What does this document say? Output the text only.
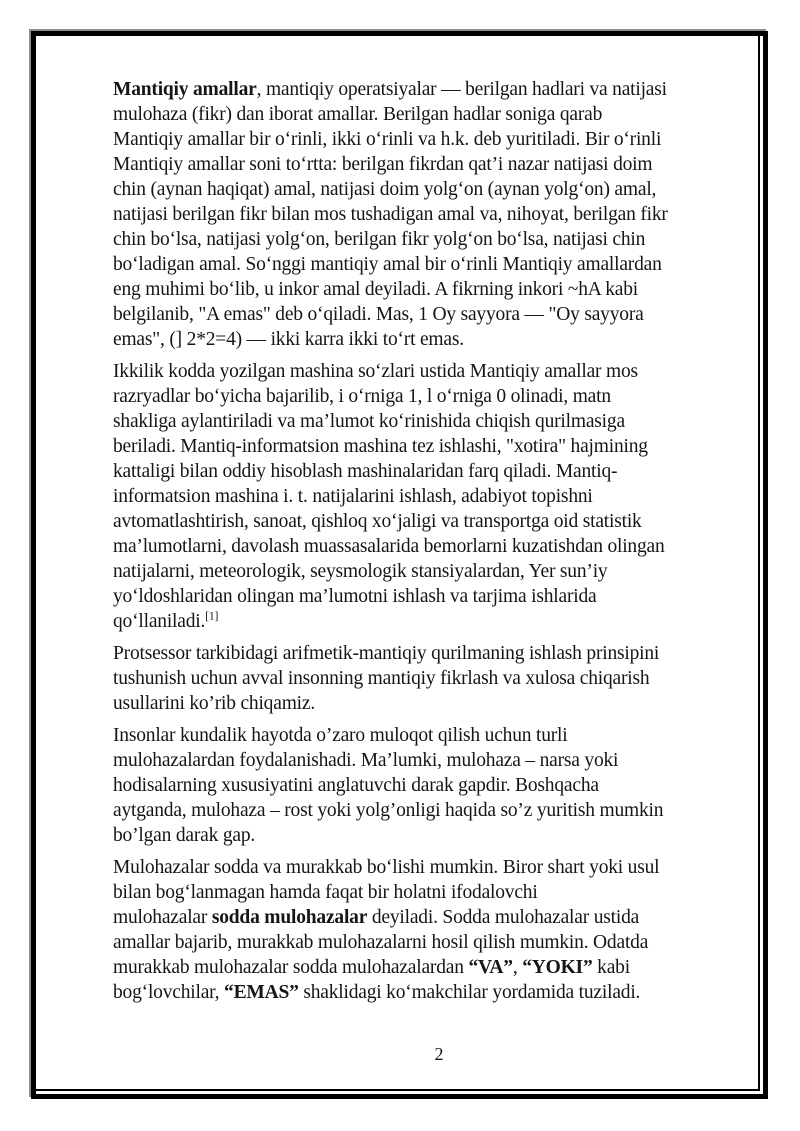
Mantiqiy amallar, mantiqiy operatsiyalar — berilgan hadlari va natijasi
mulohaza (fikr) dan iborat amallar. Berilgan hadlar soniga qarab
Mantiqiy amallar bir o‘rinli, ikki o‘rinli va h.k. deb yuritiladi. Bir o‘rinli
Mantiqiy amallar soni to‘rtta: berilgan fikrdan qat’i nazar natijasi doim
chin (aynan haqiqat) amal, natijasi doim yolg‘on (aynan yolg‘on) amal,
natijasi berilgan fikr bilan mos tushadigan amal va, nihoyat, berilgan fikr
chin bo‘lsa, natijasi yolg‘on, berilgan fikr yolg‘on bo‘lsa, natijasi chin
bo‘ladigan amal. So‘nggi mantiqiy amal bir o‘rinli Mantiqiy amallardan
eng muhimi bo‘lib, u inkor amal deyiladi. A fikrning inkori ~hA kabi
belgilanib, "A emas" deb o‘qiladi. Mas, 1 Oy sayyora — "Oy sayyora
emas", (] 2*2=4) — ikki karra ikki to‘rt emas.

Ikkilik kodda yozilgan mashina so‘zlari ustida Mantiqiy amallar mos
razryadlar bo‘yicha bajarilib, i o‘rniga 1, l o‘rniga 0 olinadi, matn
shakliga aylantiriladi va ma’lumot ko‘rinishida chiqish qurilmasiga
beriladi. Mantiq-informatsion mashina tez ishlashi, "xotira" hajmining
kattaligi bilan oddiy hisoblash mashinalaridan farq qiladi. Mantiq-
informatsion mashina i. t. natijalarini ishlash, adabiyot topishni
avtomatlashtirish, sanoat, qishloq xo‘jaligi va transportga oid statistik
ma’lumotlarni, davolash muassasalarida bemorlarni kuzatishdan olingan
natijalarni, meteorologik, seysmologik stansiyalardan, Yer sun’iy
yo‘ldoshlaridan olingan ma’lumotni ishlash va tarjima ishlarida
qo‘llaniladi.[1]

Protsessor tarkibidagi arifmetik-mantiqiy qurilmaning ishlash prinsipini
tushunish uchun avval insonning mantiqiy fikrlash va xulosa chiqarish
usullarini ko’rib chiqamiz.

Insonlar kundalik hayotda o’zaro muloqot qilish uchun turli
mulohazalardan foydalanishadi. Ma’lumki, mulohaza – narsa yoki
hodisalarning xususiyatini anglatuvchi darak gapdir. Boshqacha
aytganda, mulohaza – rost yoki yolg’onligi haqida so’z yuritish mumkin
bo’lgan darak gap.

Mulohazalar sodda va murakkab bo‘lishi mumkin. Biror shart yoki usul
bilan bog‘lanmagan hamda faqat bir holatni ifodalovchi
mulohazalar sodda mulohazalar deyiladi. Sodda mulohazalar ustida
amallar bajarib, murakkab mulohazalarni hosil qilish mumkin. Odatda
murakkab mulohazalar sodda mulohazalardan “VA”, “YOKI” kabi
bog‘lovchilar, “EMAS” shaklidagi ko‘makchilar yordamida tuziladi.

2
